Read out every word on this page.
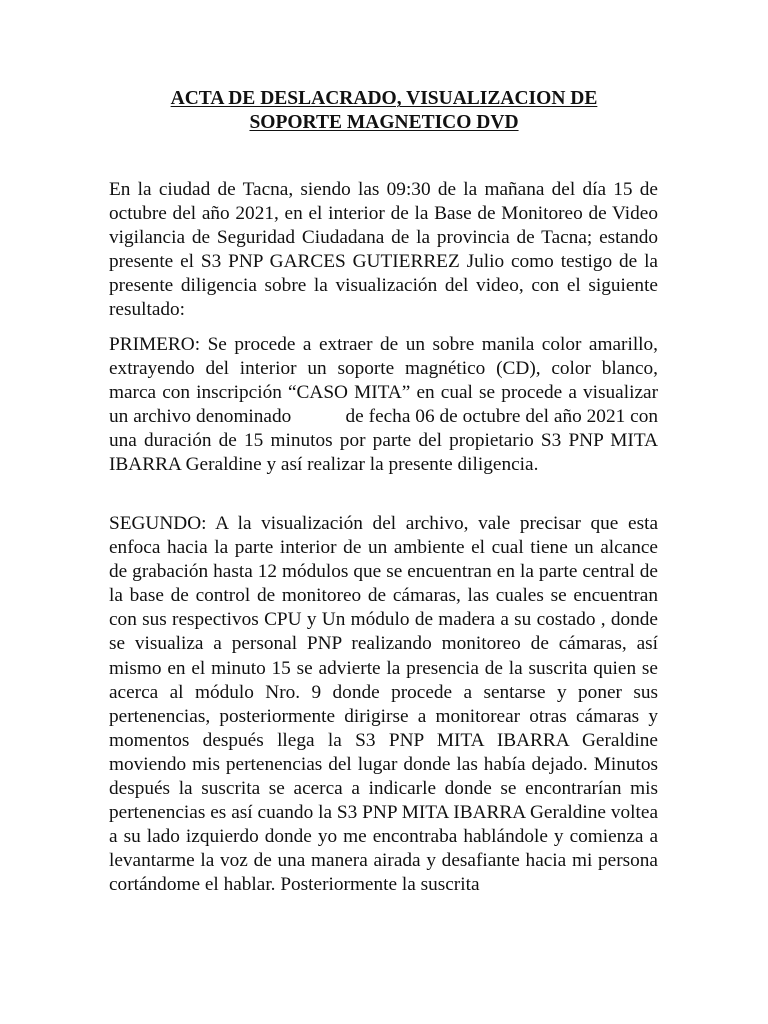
ACTA DE DESLACRADO, VISUALIZACION DE
SOPORTE MAGNETICO DVD

En la ciudad de Tacna, siendo las 09:30 de la mañana del día 15 de octubre del año 2021, en el interior de la Base de Monitoreo de Video vigilancia de Seguridad Ciudadana de la provincia de Tacna; estando presente el S3 PNP GARCES GUTIERREZ Julio como testigo de la presente diligencia sobre la visualización del video, con el siguiente resultado:

PRIMERO: Se procede a extraer de un sobre manila color amarillo, extrayendo del interior un soporte magnético (CD), color blanco, marca con inscripción “CASO MITA” en cual se procede a visualizar un archivo denominado           de fecha 06 de octubre del año 2021 con una duración de 15 minutos por parte del propietario S3 PNP MITA IBARRA Geraldine y así realizar la presente diligencia.

SEGUNDO: A la visualización del archivo, vale precisar que esta enfoca hacia la parte interior de un ambiente el cual tiene un alcance de grabación hasta 12 módulos que se encuentran en la parte central de la base de control de monitoreo de cámaras, las cuales se encuentran con sus respectivos CPU y Un módulo de madera a su costado , donde se visualiza a personal PNP realizando monitoreo de cámaras, así mismo en el minuto 15 se advierte la presencia de la suscrita quien se acerca al módulo Nro. 9 donde procede a sentarse y poner sus pertenencias, posteriormente dirigirse a monitorear otras cámaras y momentos después llega la S3 PNP MITA IBARRA Geraldine moviendo mis pertenencias del lugar donde las había dejado. Minutos después la suscrita se acerca a indicarle donde se encontrarían mis pertenencias es así cuando la S3 PNP MITA IBARRA Geraldine voltea a su lado izquierdo donde yo me encontraba hablándole y comienza a levantarme la voz de una manera airada y desafiante hacia mi persona cortándome el hablar. Posteriormente la suscrita
